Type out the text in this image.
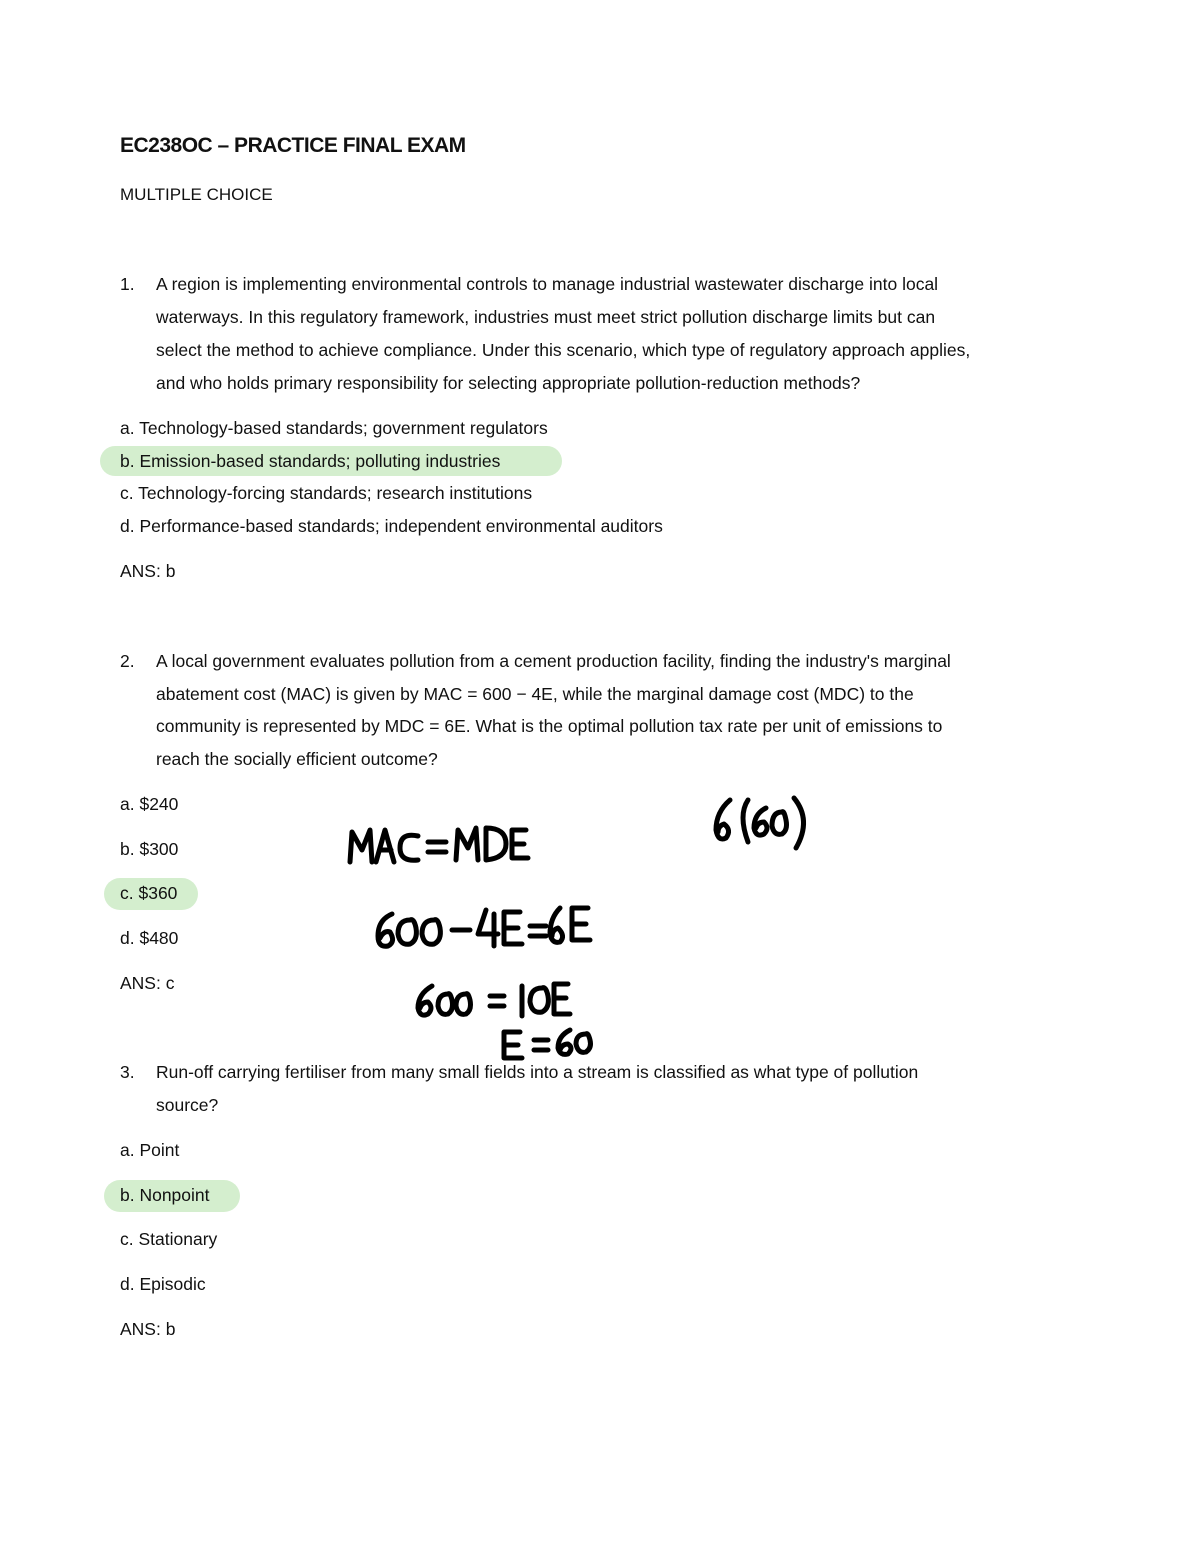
EC238OC – PRACTICE FINAL EXAM
MULTIPLE CHOICE
1. A region is implementing environmental controls to manage industrial wastewater discharge into local
waterways. In this regulatory framework, industries must meet strict pollution discharge limits but can
select the method to achieve compliance. Under this scenario, which type of regulatory approach applies,
and who holds primary responsibility for selecting appropriate pollution-reduction methods?
a. Technology-based standards; government regulators
b. Emission-based standards; polluting industries
c. Technology-forcing standards; research institutions
d. Performance-based standards; independent environmental auditors
ANS: b
2. A local government evaluates pollution from a cement production facility, finding the industry's marginal
abatement cost (MAC) is given by MAC = 600 − 4E, while the marginal damage cost (MDC) to the
community is represented by MDC = 6E. What is the optimal pollution tax rate per unit of emissions to
reach the socially efficient outcome?
a. $240
b. $300
c. $360
d. $480
ANS: c
3. Run-off carrying fertiliser from many small fields into a stream is classified as what type of pollution
source?
a. Point
b. Nonpoint
c. Stationary
d. Episodic
ANS: b
